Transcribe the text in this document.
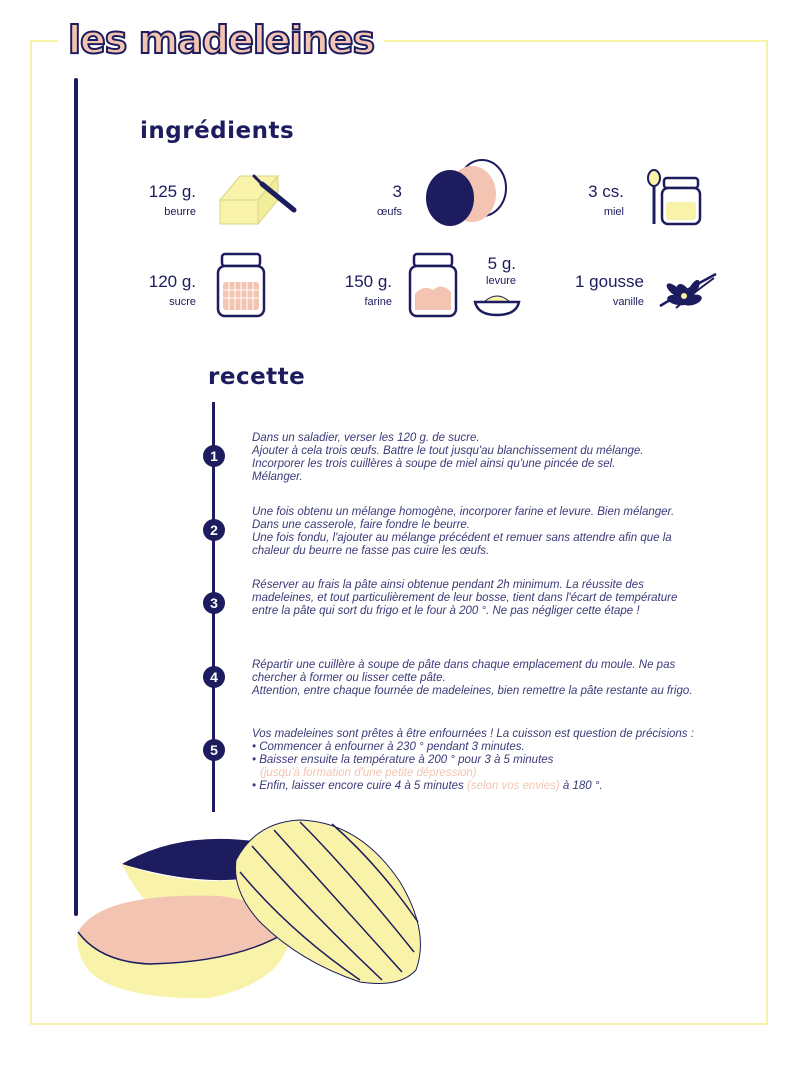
les madeleines
ingrédients
125 g.
beurre
3
œufs
3 cs.
miel
120 g.
sucre
150 g.
farine
5 g.
levure	1 gousse
vanille
recette
1

Dans un saladier, verser les 120 g. de sucre.

Ajouter à cela trois œufs. Battre le tout jusqu'au blanchissement du mélange.

Incorporer les trois cuillères à soupe de miel ainsi qu'une pincée de sel.

Mélanger.

2

Une fois obtenu un mélange homogène, incorporer farine et levure. Bien mélanger.

Dans une casserole, faire fondre le beurre.

Une fois fondu, l'ajouter au mélange précédent et remuer sans attendre afin que la

chaleur du beurre ne fasse pas cuire les œufs.

3

Réserver au frais la pâte ainsi obtenue pendant 2h minimum. La réussite des

madeleines, et tout particulièrement de leur bosse, tient dans l'écart de température

entre la pâte qui sort du frigo et le four à 200 °. Ne pas négliger cette étape !

4

Répartir une cuillère à soupe de pâte dans chaque emplacement du moule. Ne pas

chercher à former ou lisser cette pâte.

Attention, entre chaque fournée de madeleines, bien remettre la pâte restante au frigo.

5

Vos madeleines sont prêtes à être enfournées ! La cuisson est question de précisions :

• Commencer à enfourner à 230 ° pendant 3 minutes.

• Baisser ensuite la température à 200 ° pour 3 à 5 minutes

(jusqu'à formation d'une petite dépression)

• Enfin, laisser encore cuire 4 à 5 minutes (selon vos envies) à 180 °.
